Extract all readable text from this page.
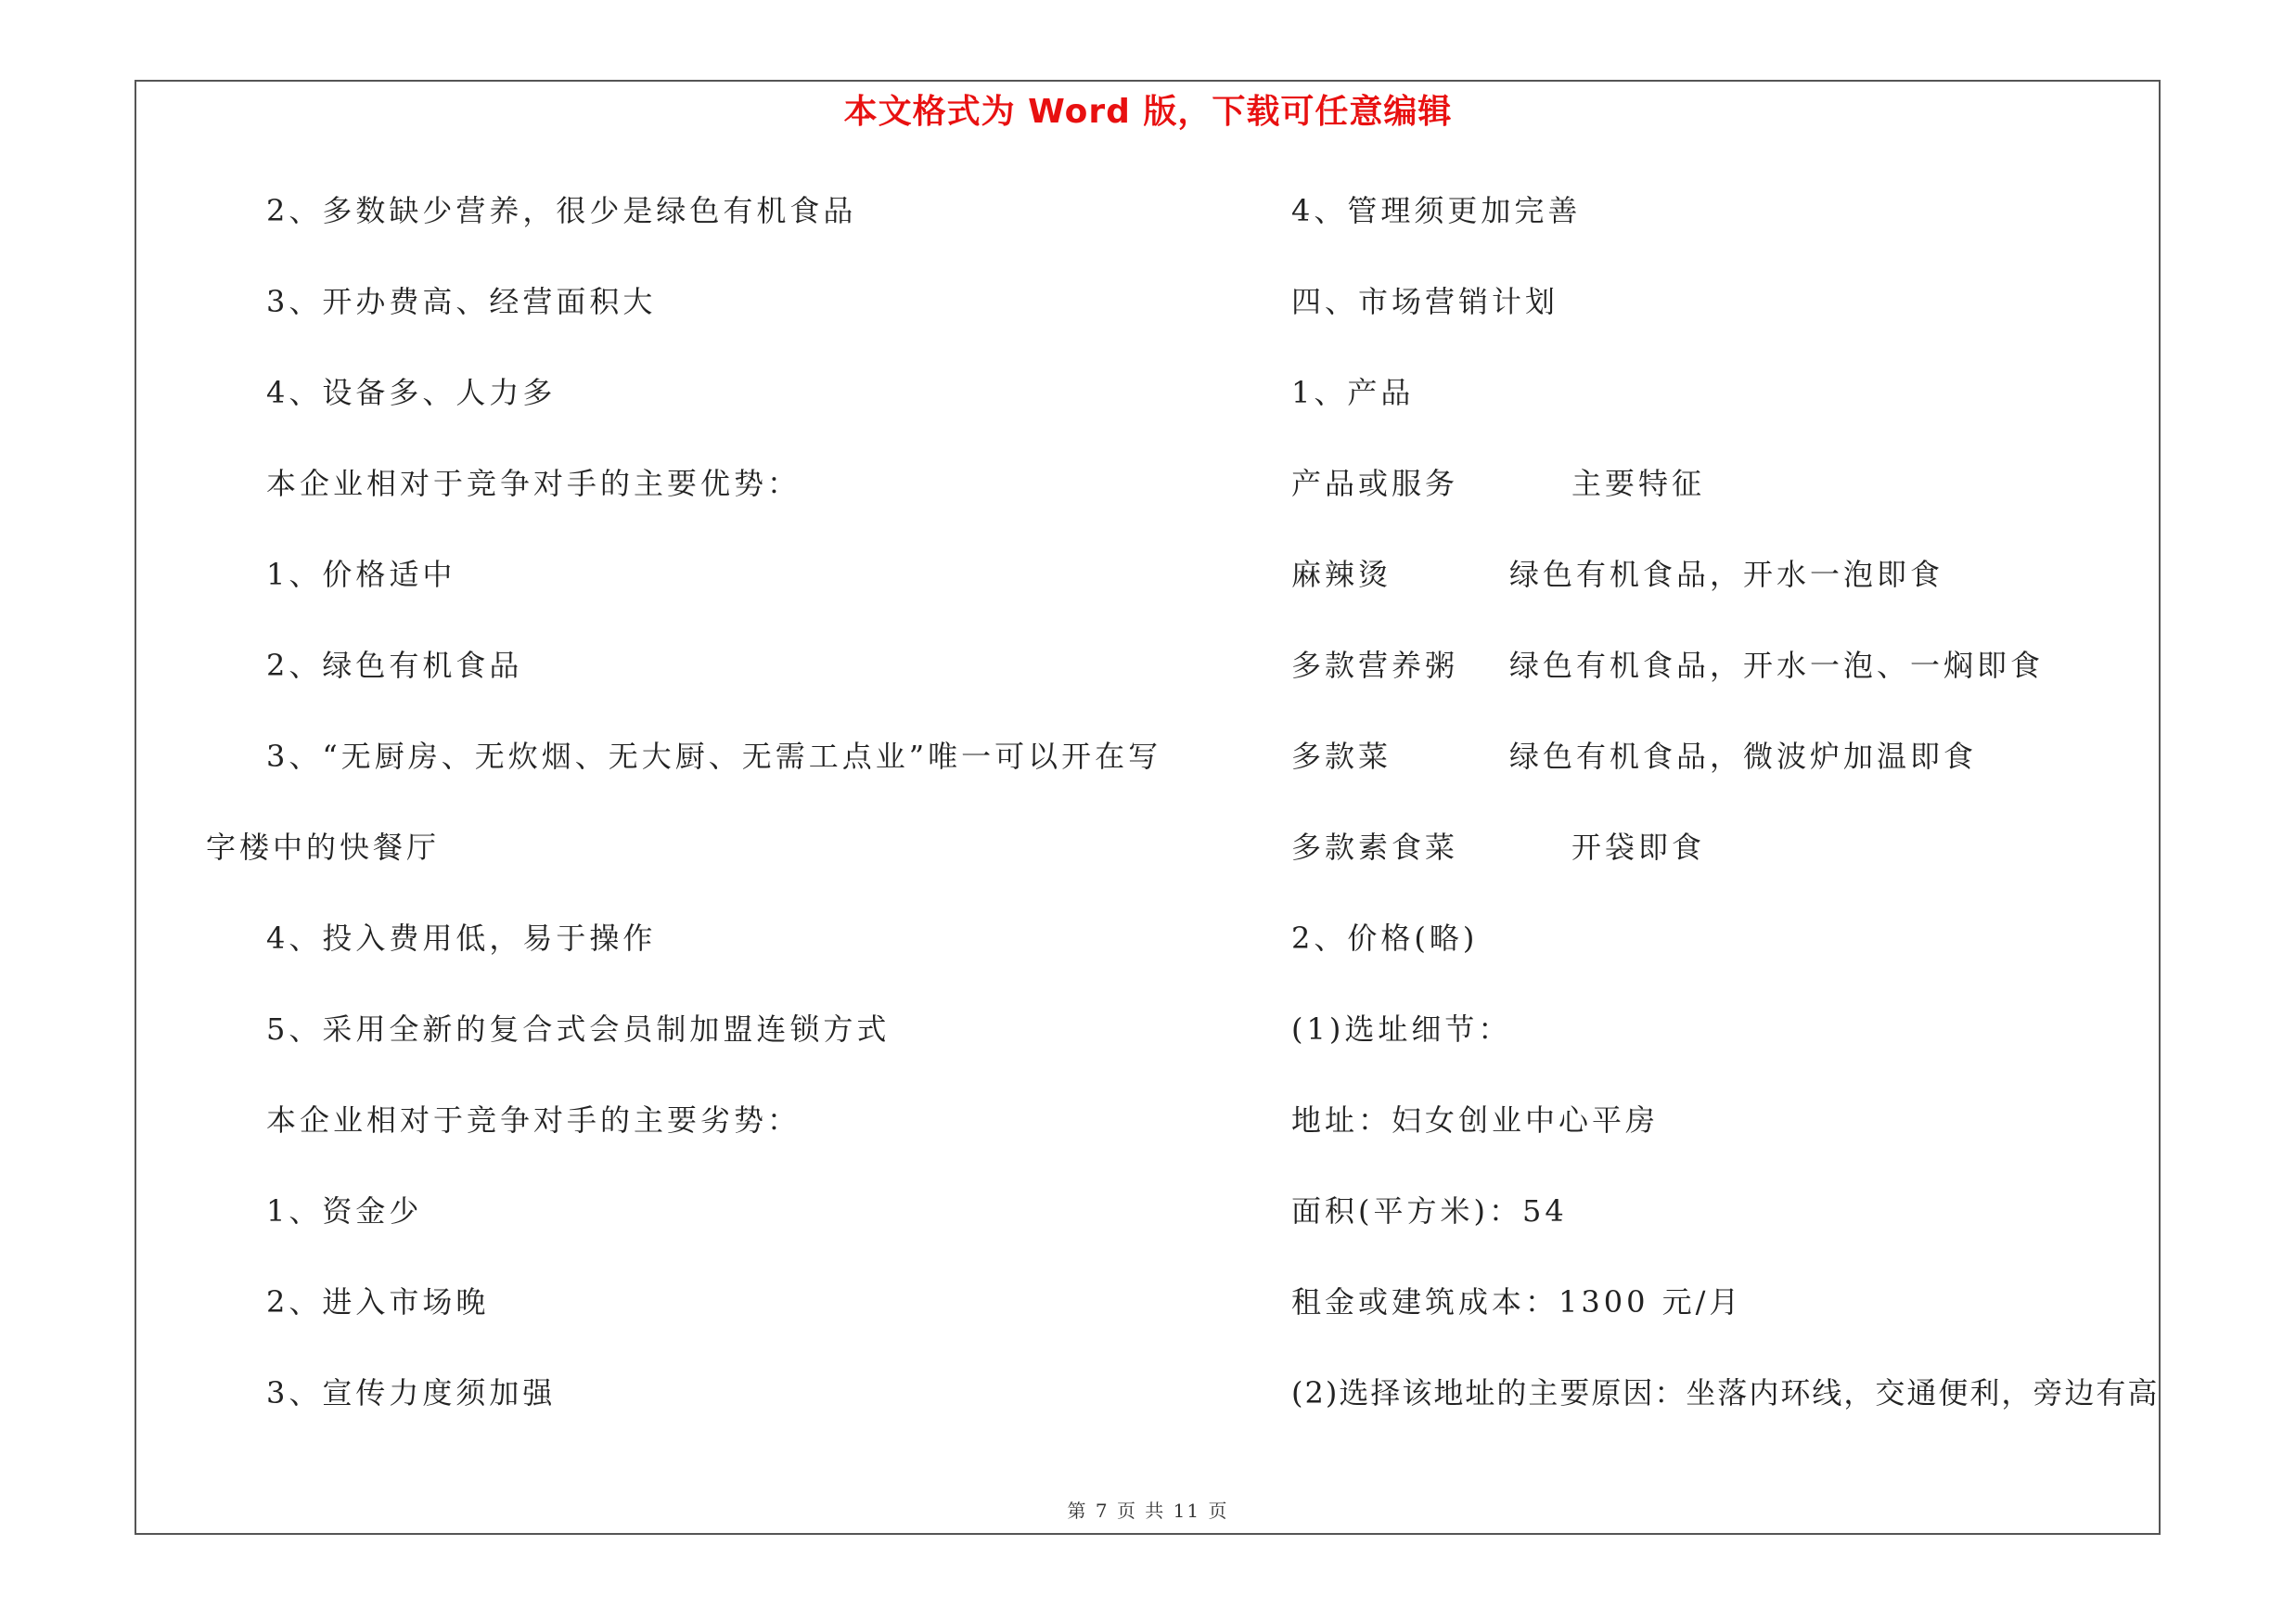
本文格式为 Word 版，下载可任意编辑
2、多数缺少营养，很少是绿色有机食品
3、开办费高、经营面积大
4、设备多、人力多
本企业相对于竞争对手的主要优势：
1、价格适中
2、绿色有机食品
3、“无厨房、无炊烟、无大厨、无需工点业”唯一可以开在写
字楼中的快餐厅
4、投入费用低，易于操作
5、采用全新的复合式会员制加盟连锁方式
本企业相对于竞争对手的主要劣势：
1、资金少
2、进入市场晚
3、宣传力度须加强
4、管理须更加完善
四、市场营销计划
1、产品
产品或服务	主要特征
麻辣烫	绿色有机食品，开水一泡即食
多款营养粥 绿色有机食品，开水一泡、一焖即食
多款菜	绿色有机食品，微波炉加温即食
多款素食菜	开袋即食
2、价格(略)
(1)选址细节：
地址：妇女创业中心平房
面积(平方米)：54
租金或建筑成本：1300 元/月
(2)选择该地址的主要原因：坐落内环线，交通便利，旁边有高
第 7 页 共 11 页
